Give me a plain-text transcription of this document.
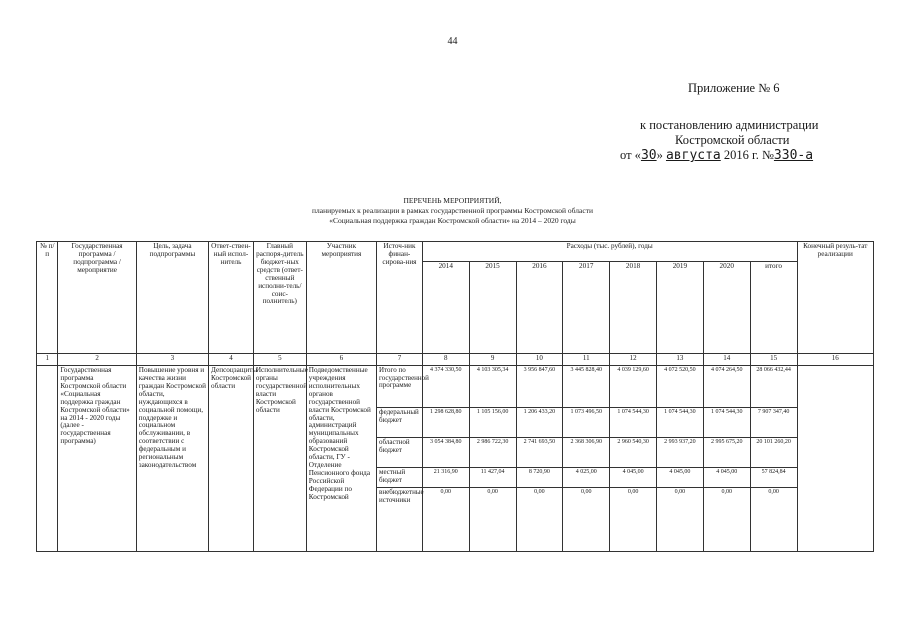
44
Приложение № 6
к постановлению администрации
Костромской области
от «30» августа 2016 г. №330-а
ПЕРЕЧЕНЬ МЕРОПРИЯТИЙ,
планируемых к реализации в рамках государственной программы Костромской области
«Социальная поддержка граждан Костромской области» на 2014 – 2020 годы
№ п/п	Государственная программа /подпрограмма /мероприятие	Цель, задача подпрограммы	Ответ-ствен-ный испол-нитель	Главный распоря-дитель бюджет-ных средств (ответ-ственный исполни-тель/соис-полнитель)	Участник мероприятия	Источ-ник финан-сирова-ния	Расходы (тыс. рублей), годы								Конечный резуль-тат реализации
							2014	2015	2016	2017	2018	2019	2020	итого	
1	2	3	4	5	6	7	8	9	10	11	12	13	14	15	16
	Государственная программа Костромской области «Социальная поддержка граждан Костромской области» на 2014 - 2020 годы (далее - государственная программа)	Повышение уровня и качества жизни граждан Костромской области, нуждающихся в социальной помощи, поддержке и социальном обслуживании, в соответствии с федеральным и региональным законодательством	Депсоцзащиты Костромской области	Исполнительные органы государственной власти Костромской области	Подведомственные учреждения исполнительных органов государственной власти Костромской области, администраций муниципальных образований Костромской области, ГУ - Отделение Пенсионного фонда Российской Федерации по Костромской	Итого по государственной программе	4 374 330,50	4 103 305,34	3 956 847,60	3 445 828,40	4 039 129,60	4 072 520,50	4 074 264,50	28 066 432,44	
						федеральный бюджет	1 298 628,80	1 105 156,00	1 206 433,20	1 073 496,50	1 074 544,30	1 074 544,30	1 074 544,30	7 907 347,40	
						областной бюджет	3 054 384,80	2 986 722,30	2 741 693,50	2 368 306,90	2 960 540,30	2 993 937,20	2 995 675,20	20 101 260,20	
						местный бюджет	21 316,90	11 427,04	8 720,90	4 025,00	4 045,00	4 045,00	4 045,00	57 824,84	
						внебюджетные источники	0,00	0,00	0,00	0,00	0,00	0,00	0,00	0,00	
